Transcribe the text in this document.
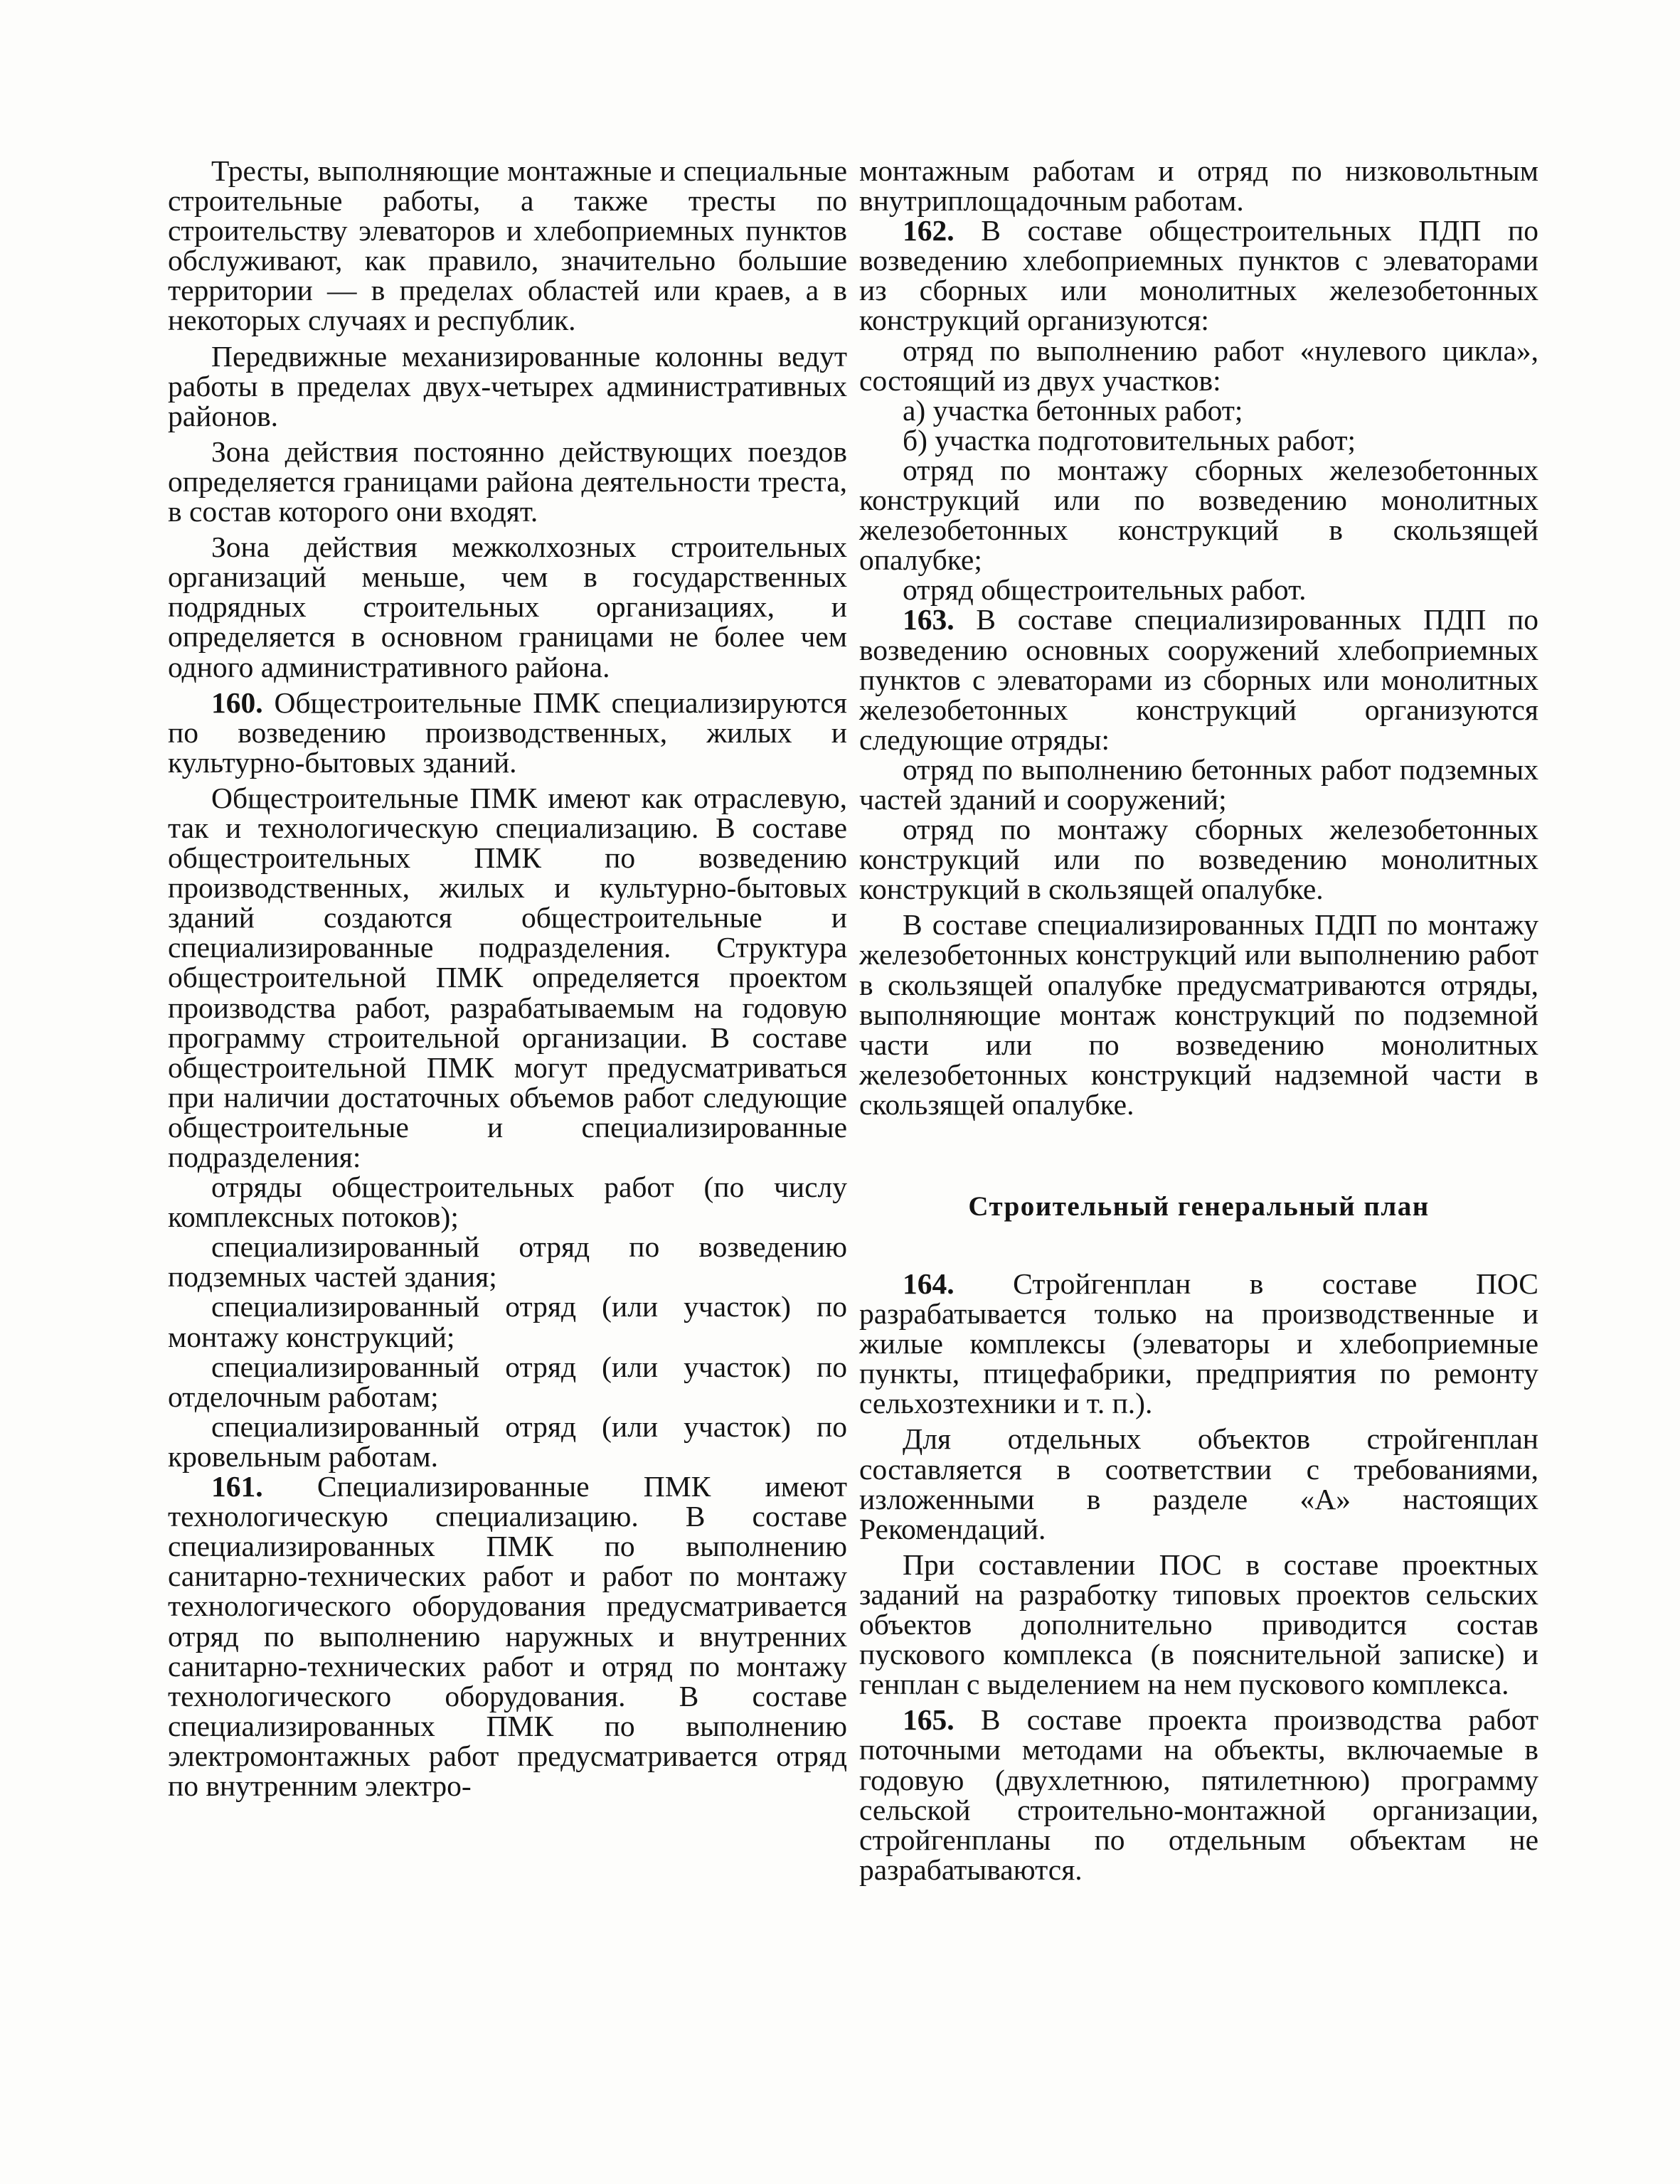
Тресты, выполняющие монтажные и специальные строительные работы, а также тресты по строительству элеваторов и хлебоприемных пунктов обслуживают, как правило, значительно большие территории — в пределах областей или краев, а в некоторых случаях и республик.

Передвижные механизированные колонны ведут работы в пределах двух-четырех административных районов.

Зона действия постоянно действующих поездов определяется границами района деятельности треста, в состав которого они входят.

Зона действия межколхозных строительных организаций меньше, чем в государственных подрядных строительных организациях, и определяется в основном границами не более чем одного административного района.

160. Общестроительные ПМК специализируются по возведению производственных, жилых и культурно-бытовых зданий.

Общестроительные ПМК имеют как отраслевую, так и технологическую специализацию. В составе общестроительных ПМК по возведению производственных, жилых и культурно-бытовых зданий создаются общестроительные и специализированные подразделения. Структура общестроительной ПМК определяется проектом производства работ, разрабатываемым на годовую программу строительной организации. В составе общестроительной ПМК могут предусматриваться при наличии достаточных объемов работ следующие общестроительные и специализированные подразделения:

отряды общестроительных работ (по числу комплексных потоков);

специализированный отряд по возведению подземных частей здания;

специализированный отряд (или участок) по монтажу конструкций;

специализированный отряд (или участок) по отделочным работам;

специализированный отряд (или участок) по кровельным работам.

161. Специализированные ПМК имеют технологическую специализацию. В составе специализированных ПМК по выполнению санитарно-технических работ и работ по монтажу технологического оборудования предусматривается отряд по выполнению наружных и внутренних санитарно-технических работ и отряд по монтажу технологического оборудования. В составе специализированных ПМК по выполнению электромонтажных работ предусматривается отряд по внутренним электро-

монтажным работам и отряд по низковольтным внутриплощадочным работам.

162. В составе общестроительных ПДП по возведению хлебоприемных пунктов с элеваторами из сборных или монолитных железобетонных конструкций организуются:

отряд по выполнению работ «нулевого цикла», состоящий из двух участков:

а) участка бетонных работ;

б) участка подготовительных работ;

отряд по монтажу сборных железобетонных конструкций или по возведению монолитных железобетонных конструкций в скользящей опалубке;

отряд общестроительных работ.

163. В составе специализированных ПДП по возведению основных сооружений хлебоприемных пунктов с элеваторами из сборных или монолитных железобетонных конструкций организуются следующие отряды:

отряд по выполнению бетонных работ подземных частей зданий и сооружений;

отряд по монтажу сборных железобетонных конструкций или по возведению монолитных конструкций в скользящей опалубке.

В составе специализированных ПДП по монтажу железобетонных конструкций или выполнению работ в скользящей опалубке предусматриваются отряды, выполняющие монтаж конструкций по подземной части или по возведению монолитных железобетонных конструкций надземной части в скользящей опалубке.

Строительный генеральный план

164. Стройгенплан в составе ПОС разрабатывается только на производственные и жилые комплексы (элеваторы и хлебоприемные пункты, птицефабрики, предприятия по ремонту сельхозтехники и т. п.).

Для отдельных объектов стройгенплан составляется в соответствии с требованиями, изложенными в разделе «А» настоящих Рекомендаций.

При составлении ПОС в составе проектных заданий на разработку типовых проектов сельских объектов дополнительно приводится состав пускового комплекса (в пояснительной записке) и генплан с выделением на нем пускового комплекса.

165. В составе проекта производства работ поточными методами на объекты, включаемые в годовую (двухлетнюю, пятилетнюю) программу сельской строительно-монтажной организации, стройгенпланы по отдельным объектам не разрабатываются.
